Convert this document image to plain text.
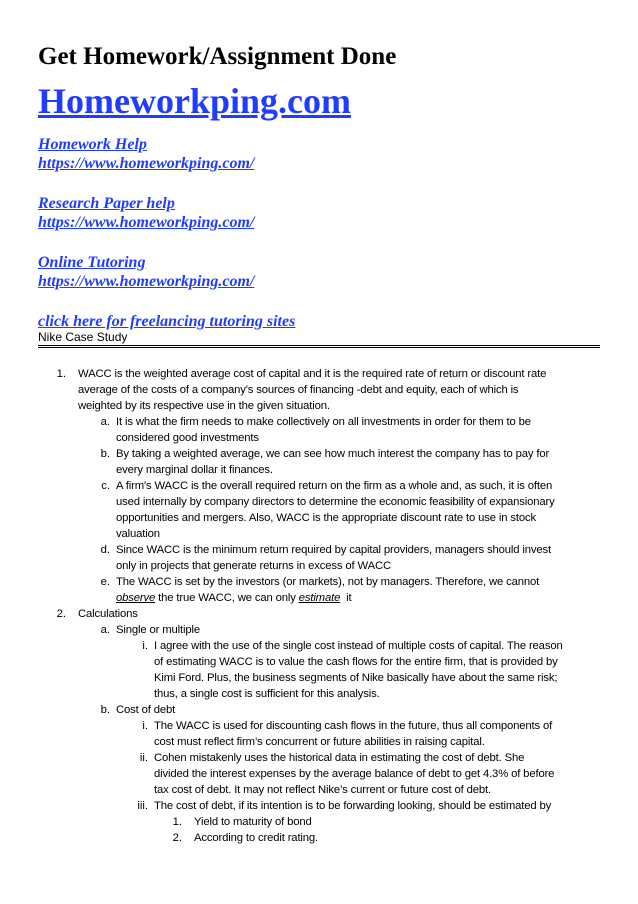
Get Homework/Assignment Done
Homeworkping.com
Homework Help
https://www.homeworkping.com/
Research Paper help
https://www.homeworkping.com/
Online Tutoring
https://www.homeworkping.com/
click here for freelancing tutoring sites
Nike Case Study
1. WACC is the weighted average cost of capital and it is the required rate of return or discount rate
average of the costs of a company's sources of financing -debt and equity, each of which is
weighted by its respective use in the given situation.
a. It is what the firm needs to make collectively on all investments in order for them to be
considered good investments
b. By taking a weighted average, we can see how much interest the company has to pay for
every marginal dollar it finances.
c. A firm's WACC is the overall required return on the firm as a whole and, as such, it is often
used internally by company directors to determine the economic feasibility of expansionary
opportunities and mergers. Also, WACC is the appropriate discount rate to use in stock
valuation
d. Since WACC is the minimum return required by capital providers, managers should invest
only in projects that generate returns in excess of WACC
e. The WACC is set by the investors (or markets), not by managers. Therefore, we cannot
observe the true WACC, we can only estimate  it
2. Calculations
a. Single or multiple
i. I agree with the use of the single cost instead of multiple costs of capital. The reason
of estimating WACC is to value the cash flows for the entire firm, that is provided by
Kimi Ford. Plus, the business segments of Nike basically have about the same risk;
thus, a single cost is sufficient for this analysis.
b. Cost of debt
i. The WACC is used for discounting cash flows in the future, thus all components of
cost must reflect firm’s concurrent or future abilities in raising capital.
ii. Cohen mistakenly uses the historical data in estimating the cost of debt. She
divided the interest expenses by the average balance of debt to get 4.3% of before
tax cost of debt. It may not reflect Nike’s current or future cost of debt.
iii. The cost of debt, if its intention is to be forwarding looking, should be estimated by
1. Yield to maturity of bond
2. According to credit rating.
